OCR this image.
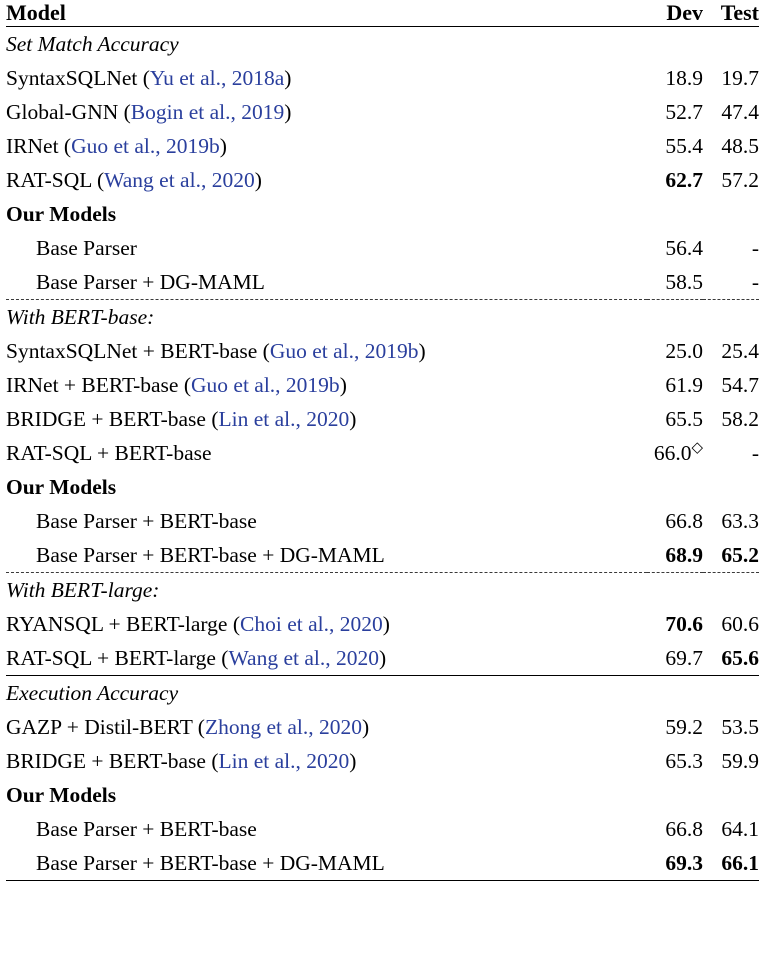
Model	Dev	Test
Set Match Accuracy		
SyntaxSQLNet (Yu et al., 2018a)	18.9	19.7
Global-GNN (Bogin et al., 2019)	52.7	47.4
IRNet (Guo et al., 2019b)	55.4	48.5
RAT-SQL (Wang et al., 2020)	62.7	57.2
Our Models		
Base Parser	56.4	-
Base Parser + DG-MAML	58.5	-
With BERT-base:		
SyntaxSQLNet + BERT-base (Guo et al., 2019b)	25.0	25.4
IRNet + BERT-base (Guo et al., 2019b)	61.9	54.7
BRIDGE + BERT-base (Lin et al., 2020)	65.5	58.2
RAT-SQL + BERT-base	66.0◇	-
Our Models		
Base Parser + BERT-base	66.8	63.3
Base Parser + BERT-base + DG-MAML	68.9	65.2
With BERT-large:		
RYANSQL + BERT-large (Choi et al., 2020)	70.6	60.6
RAT-SQL + BERT-large (Wang et al., 2020)	69.7	65.6
Execution Accuracy		
GAZP + Distil-BERT (Zhong et al., 2020)	59.2	53.5
BRIDGE + BERT-base (Lin et al., 2020)	65.3	59.9
Our Models		
Base Parser + BERT-base	66.8	64.1
Base Parser + BERT-base + DG-MAML	69.3	66.1
